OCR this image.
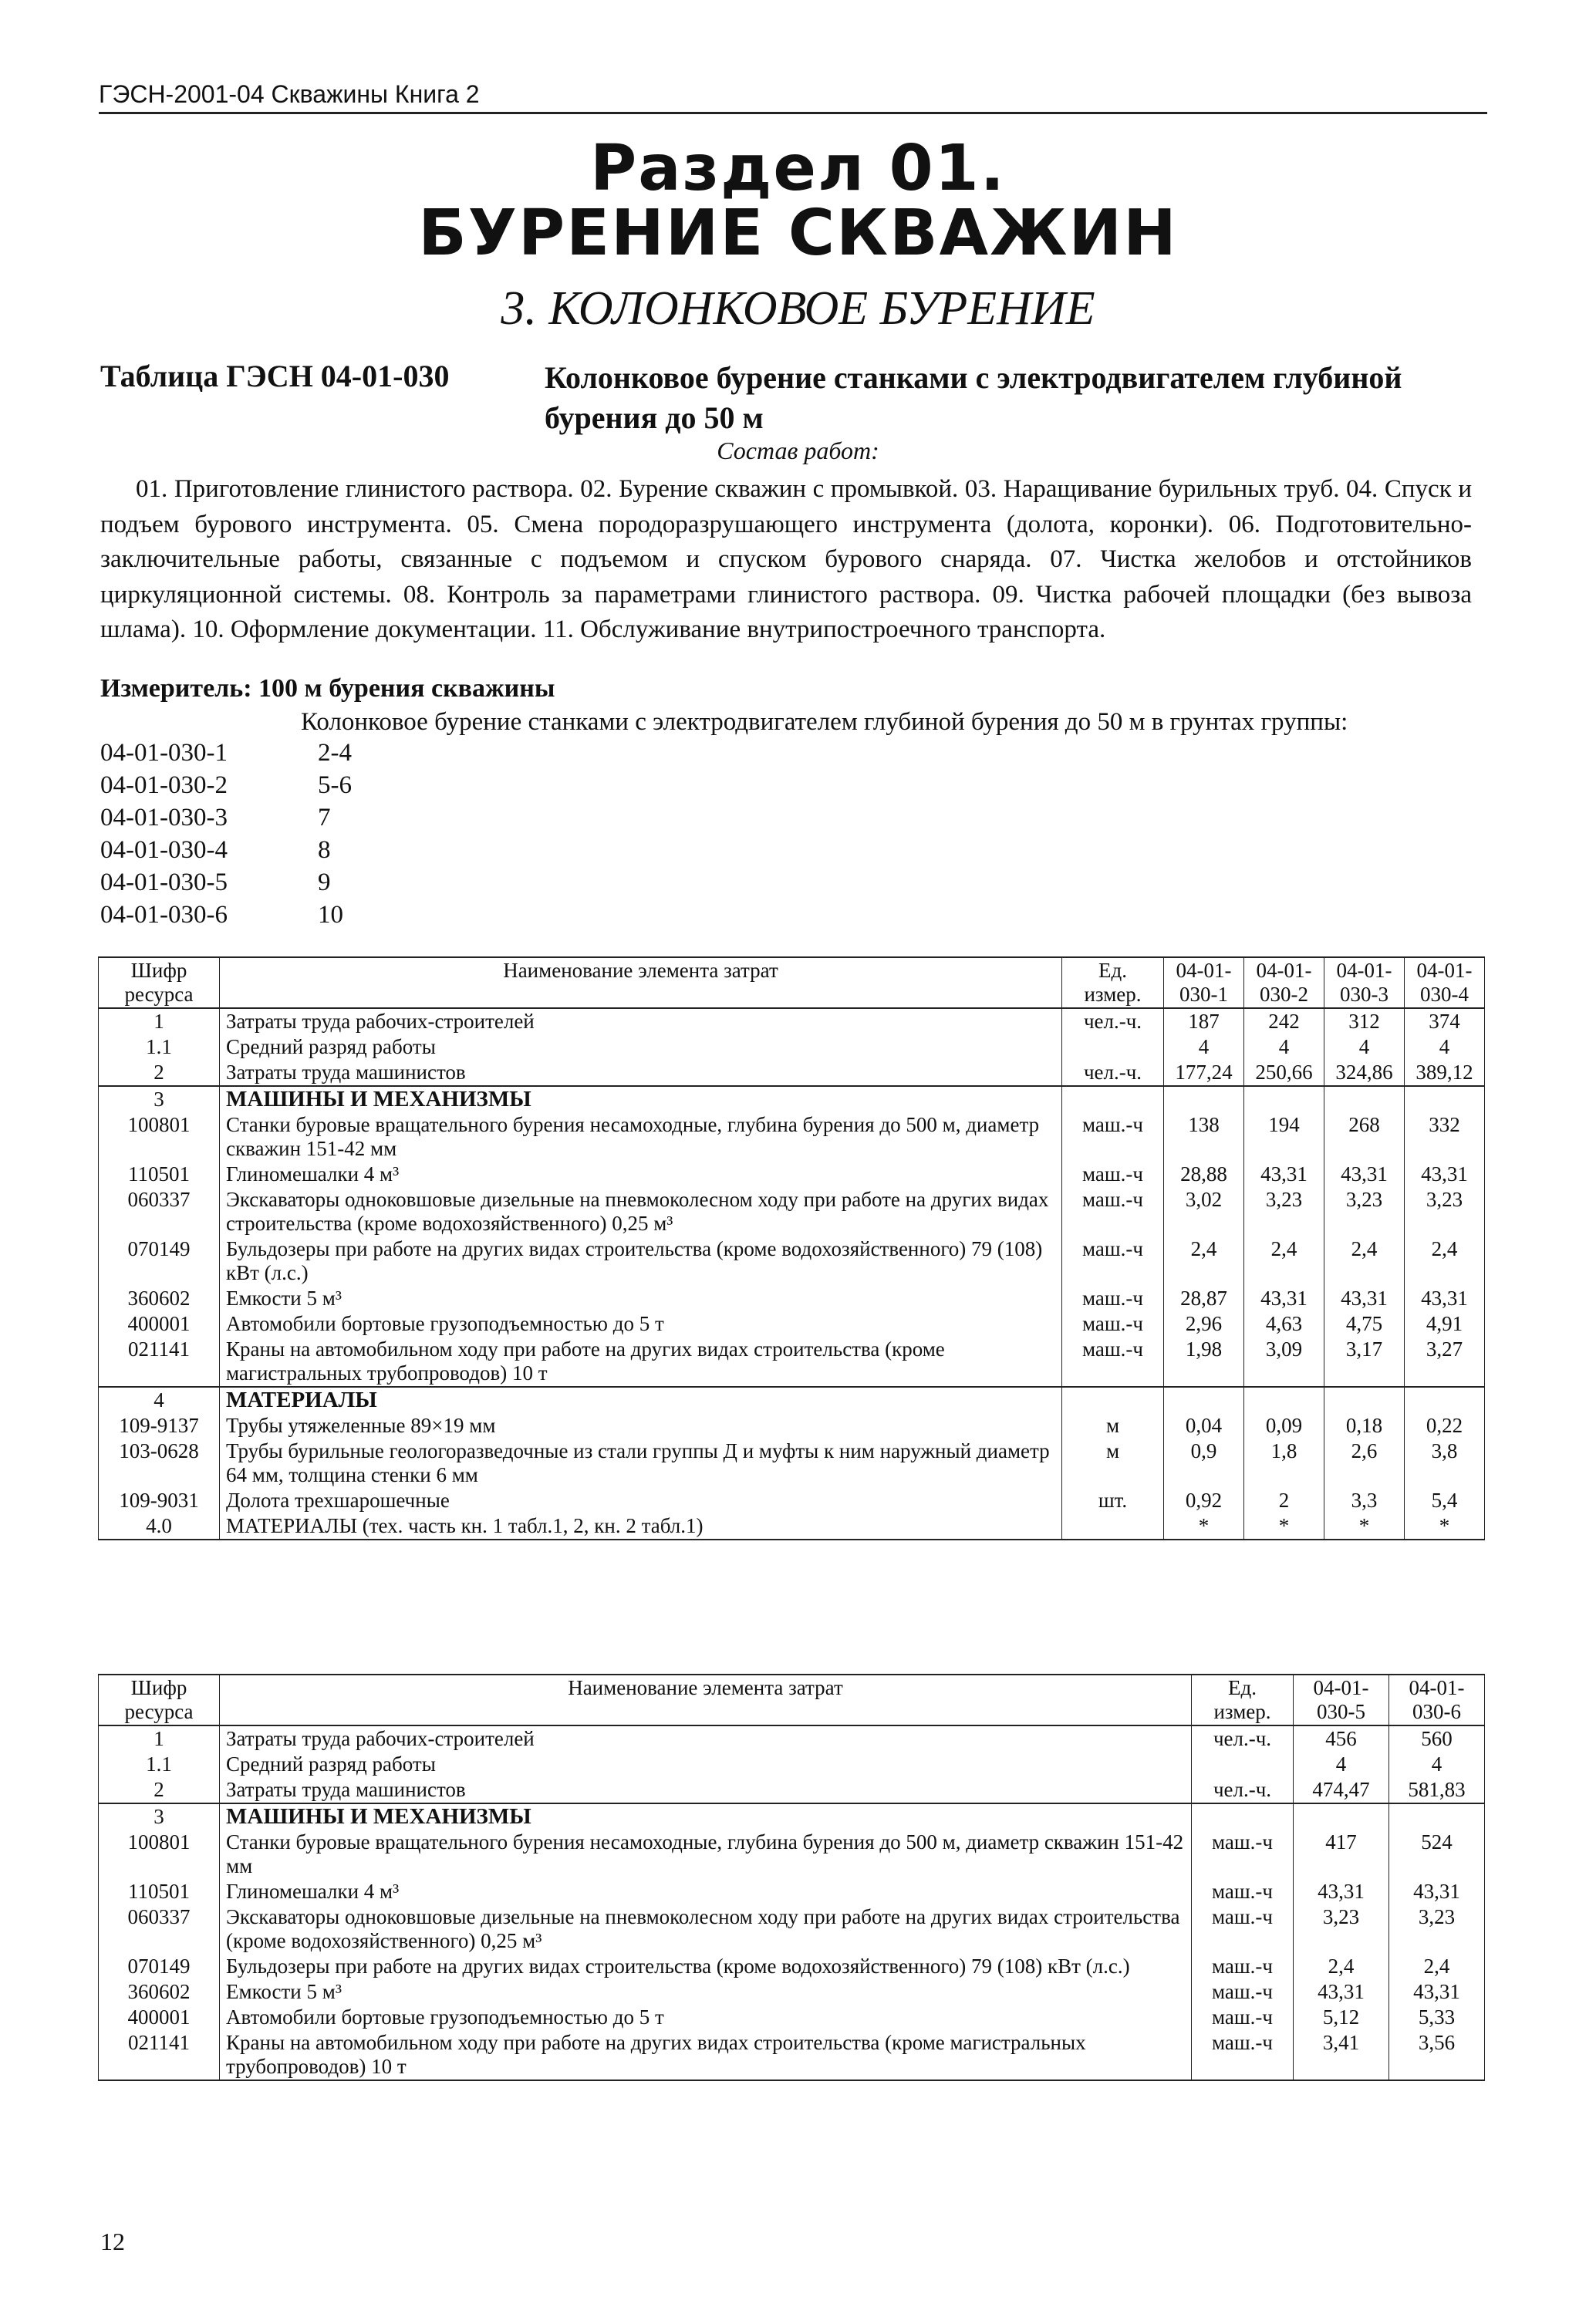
ГЭСН-2001-04 Скважины Книга 2
Раздел 01.
БУРЕНИЕ СКВАЖИН
3. КОЛОНКОВОЕ БУРЕНИЕ
Таблица ГЭСН 04-01-030	Колонковое бурение станками с электродвигателем глубиной бурения до 50 м
Состав работ:
01. Приготовление глинистого раствора. 02. Бурение скважин с промывкой. 03. Наращивание бурильных труб. 04. Спуск и подъем бурового инструмента. 05. Смена породоразрушающего инструмента (долота, коронки). 06. Подготовительно-заключительные работы, связанные с подъемом и спуском бурового снаряда. 07. Чистка желобов и отстойников циркуляционной системы. 08. Контроль за параметрами глинистого раствора. 09. Чистка рабочей площадки (без вывоза шлама). 10. Оформление документации. 11. Обслуживание внутрипостроечного транспорта.
Измеритель: 100 м бурения скважины
Колонковое бурение станками с электродвигателем глубиной бурения до 50 м в грунтах группы:
04-01-030-1	2-4
04-01-030-2	5-6
04-01-030-3	7
04-01-030-4	8
04-01-030-5	9
04-01-030-6	10
Шифр ресурса	Наименование элемента затрат	Ед. измер.	04-01-030-1	04-01-030-2	04-01-030-3	04-01-030-4
1	Затраты труда рабочих-строителей	чел.-ч.	187	242	312	374
1.1	Средний разряд работы		4	4	4	4
2	Затраты труда машинистов	чел.-ч.	177,24	250,66	324,86	389,12
3	МАШИНЫ И МЕХАНИЗМЫ					
100801	Станки буровые вращательного бурения несамоходные, глубина бурения до 500 м, диаметр скважин 151-42 мм	маш.-ч	138	194	268	332
110501	Глиномешалки 4 м³	маш.-ч	28,88	43,31	43,31	43,31
060337	Экскаваторы одноковшовые дизельные на пневмоколесном ходу при работе на других видах строительства (кроме водохозяйственного) 0,25 м³	маш.-ч	3,02	3,23	3,23	3,23
070149	Бульдозеры при работе на других видах строительства (кроме водохозяйственного) 79 (108) кВт (л.с.)	маш.-ч	2,4	2,4	2,4	2,4
360602	Емкости 5 м³	маш.-ч	28,87	43,31	43,31	43,31
400001	Автомобили бортовые грузоподъемностью до 5 т	маш.-ч	2,96	4,63	4,75	4,91
021141	Краны на автомобильном ходу при работе на других видах строительства (кроме магистральных трубопроводов) 10 т	маш.-ч	1,98	3,09	3,17	3,27
4	МАТЕРИАЛЫ					
109-9137	Трубы утяжеленные 89×19 мм	м	0,04	0,09	0,18	0,22
103-0628	Трубы бурильные геологоразведочные из стали группы Д и муфты к ним наружный диаметр 64 мм, толщина стенки 6 мм	м	0,9	1,8	2,6	3,8
109-9031	Долота трехшарошечные	шт.	0,92	2	3,3	5,4
4.0	МАТЕРИАЛЫ (тех. часть кн. 1 табл.1, 2, кн. 2 табл.1)		*	*	*	*
Шифр ресурса	Наименование элемента затрат	Ед. измер.	04-01-030-5	04-01-030-6
1	Затраты труда рабочих-строителей	чел.-ч.	456	560
1.1	Средний разряд работы		4	4
2	Затраты труда машинистов	чел.-ч.	474,47	581,83
3	МАШИНЫ И МЕХАНИЗМЫ			
100801	Станки буровые вращательного бурения несамоходные, глубина бурения до 500 м, диаметр скважин 151-42 мм	маш.-ч	417	524
110501	Глиномешалки 4 м³	маш.-ч	43,31	43,31
060337	Экскаваторы одноковшовые дизельные на пневмоколесном ходу при работе на других видах строительства (кроме водохозяйственного) 0,25 м³	маш.-ч	3,23	3,23
070149	Бульдозеры при работе на других видах строительства (кроме водохозяйственного) 79 (108) кВт (л.с.)	маш.-ч	2,4	2,4
360602	Емкости 5 м³	маш.-ч	43,31	43,31
400001	Автомобили бортовые грузоподъемностью до 5 т	маш.-ч	5,12	5,33
021141	Краны на автомобильном ходу при работе на других видах строительства (кроме магистральных трубопроводов) 10 т	маш.-ч	3,41	3,56
12
